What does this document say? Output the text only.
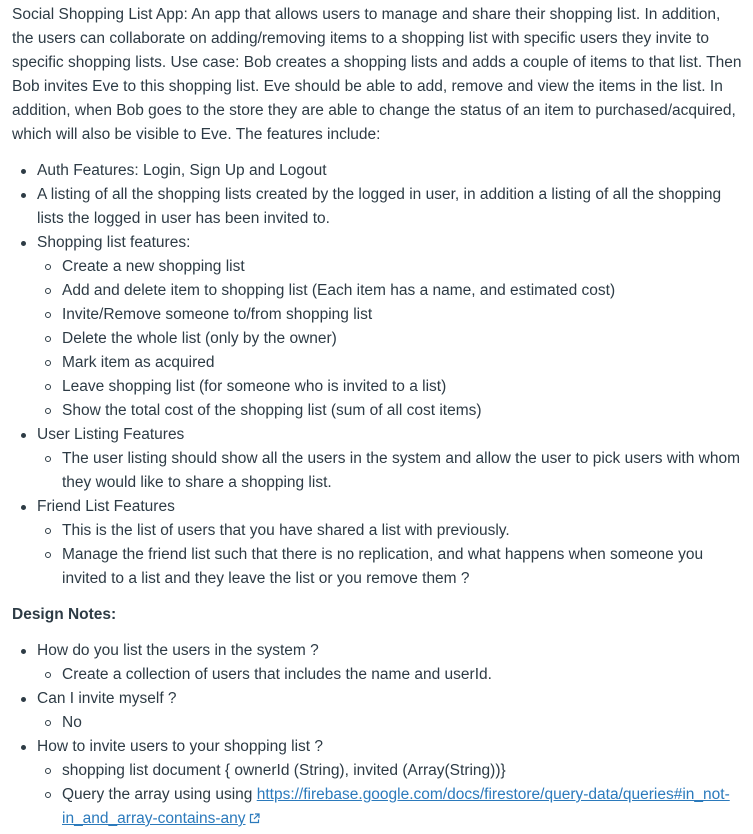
Social Shopping List App: An app that allows users to manage and share their shopping list. In addition, the users can collaborate on adding/removing items to a shopping list with specific users they invite to specific shopping lists. Use case: Bob creates a shopping lists and adds a couple of items to that list. Then Bob invites Eve to this shopping list. Eve should be able to add, remove and view the items in the list. In addition, when Bob goes to the store they are able to change the status of an item to purchased/acquired, which will also be visible to Eve. The features include:

Auth Features: Login, Sign Up and Logout
A listing of all the shopping lists created by the logged in user, in addition a listing of all the shopping lists the logged in user has been invited to.
Shopping list features:
Create a new shopping list
Add and delete item to shopping list (Each item has a name, and estimated cost)
Invite/Remove someone to/from shopping list
Delete the whole list (only by the owner)
Mark item as acquired
Leave shopping list (for someone who is invited to a list)
Show the total cost of the shopping list (sum of all cost items)
User Listing Features
The user listing should show all the users in the system and allow the user to pick users with whom they would like to share a shopping list.
Friend List Features
This is the list of users that you have shared a list with previously.
Manage the friend list such that there is no replication, and what happens when someone you invited to a list and they leave the list or you remove them ?

Design Notes:

How do you list the users in the system ?
Create a collection of users that includes the name and userId.
Can I invite myself ?
No
How to invite users to your shopping list ?
shopping list document { ownerId (String), invited (Array(String))}
Query the array using using https://firebase.google.com/docs/firestore/query-data/queries#in_not-in_and_array-contains-any
